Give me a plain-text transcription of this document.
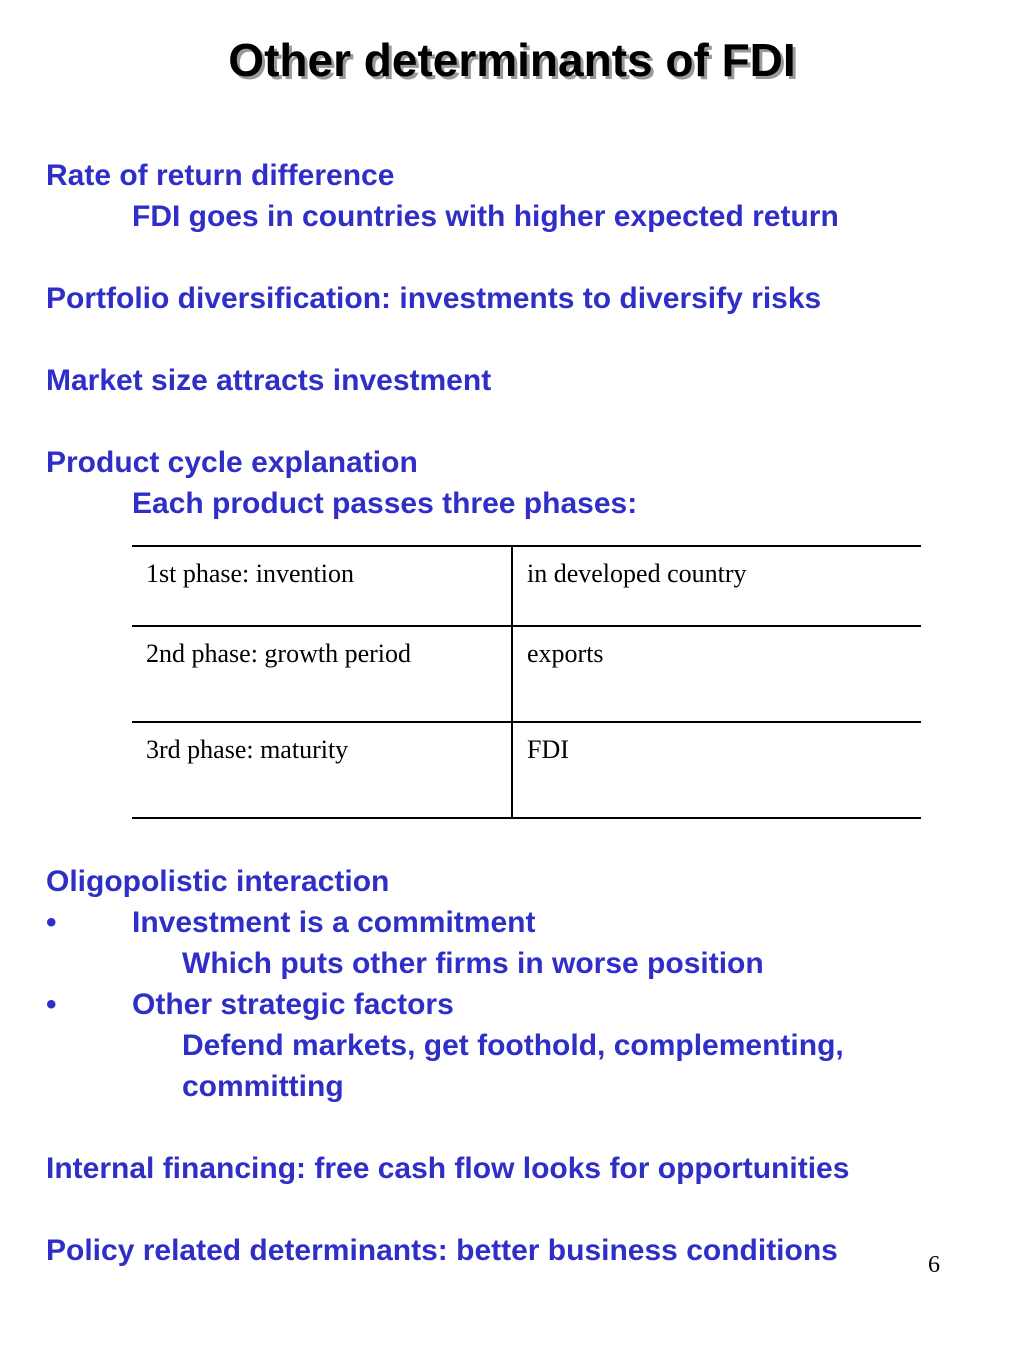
Other determinants of FDI

Rate of return difference

FDI goes in countries with higher expected return

Portfolio diversification: investments to diversify risks

Market size attracts investment

Product cycle explanation

Each product passes three phases:

1st phase: invention	in developed country
2nd phase: growth period	exports
3rd phase: maturity	FDI

Oligopolistic interaction

•	Investment is a commitment

Which puts other firms in worse position

•	Other strategic factors

Defend markets, get foothold, complementing,

committing

Internal financing: free cash flow looks for opportunities

Policy related determinants: better business conditions	6
